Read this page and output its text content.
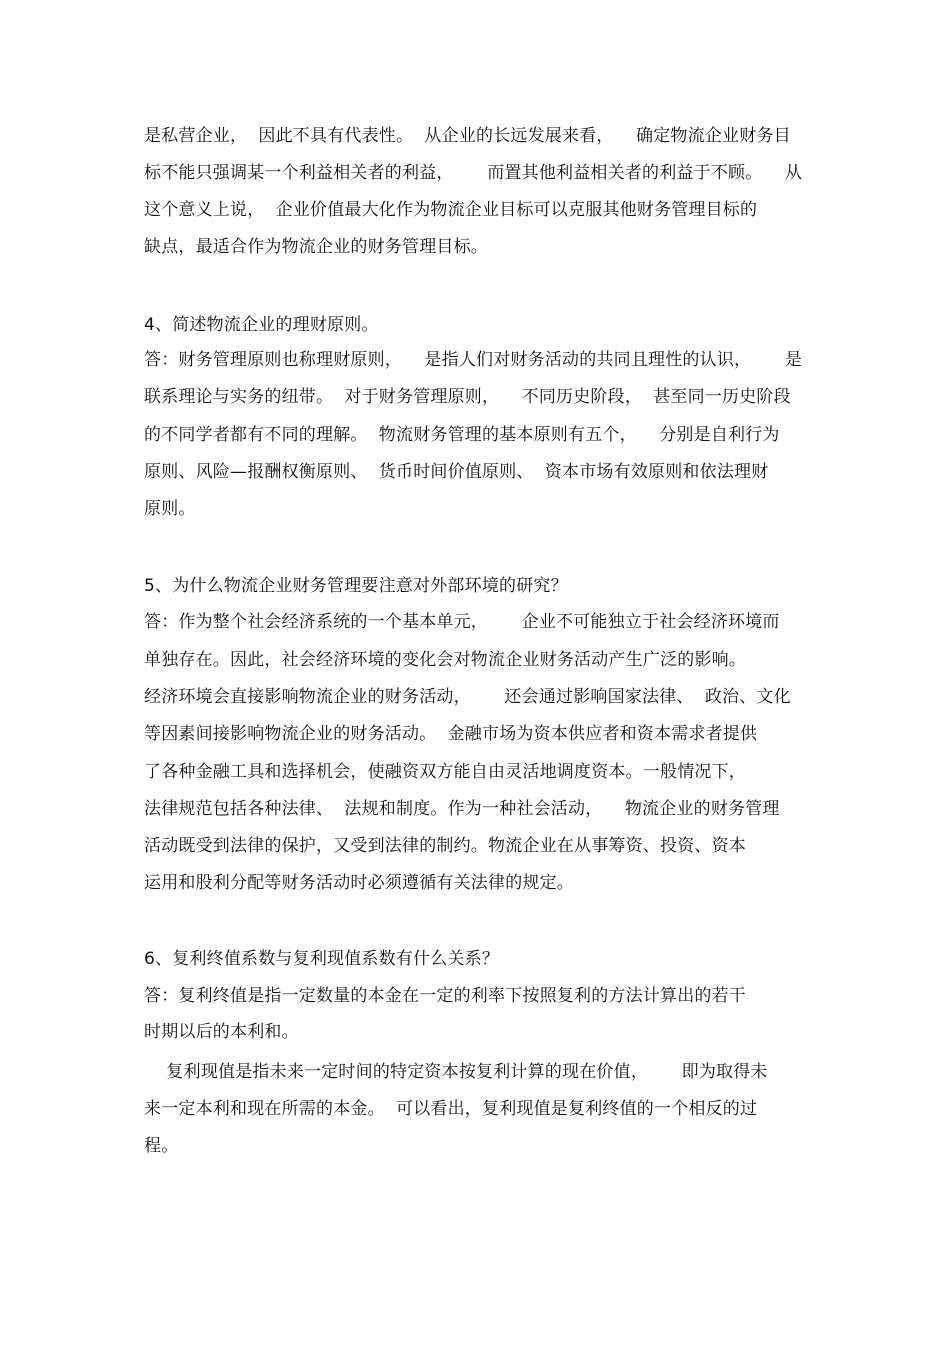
是私营企业，  因此不具有代表性。  从企业的长远发展来看，    确定物流企业财务目
标不能只强调某一个利益相关者的利益，      而置其他利益相关者的利益于不顾。    从
这个意义上说，  企业价值最大化作为物流企业目标可以克服其他财务管理目标的
缺点，最适合作为物流企业的财务管理目标。
4、简述物流企业的理财原则。
答：财务管理原则也称理财原则，    是指人们对财务活动的共同且理性的认识，      是
联系理论与实务的纽带。  对于财务管理原则，    不同历史阶段，  甚至同一历史阶段
的不同学者都有不同的理解。  物流财务管理的基本原则有五个，    分别是自利行为
原则、风险—报酬权衡原则、  货币时间价值原则、  资本市场有效原则和依法理财
原则。
5、为什么物流企业财务管理要注意对外部环境的研究？
答：作为整个社会经济系统的一个基本单元，      企业不可能独立于社会经济环境而
单独存在。因此，社会经济环境的变化会对物流企业财务活动产生广泛的影响。
经济环境会直接影响物流企业的财务活动，      还会通过影响国家法律、  政治、文化
等因素间接影响物流企业的财务活动。  金融市场为资本供应者和资本需求者提供
了各种金融工具和选择机会，使融资双方能自由灵活地调度资本。一般情况下，
法律规范包括各种法律、  法规和制度。作为一种社会活动，    物流企业的财务管理
活动既受到法律的保护，又受到法律的制约。物流企业在从事筹资、投资、资本
运用和股利分配等财务活动时必须遵循有关法律的规定。
6、复利终值系数与复利现值系数有什么关系？
答：复利终值是指一定数量的本金在一定的利率下按照复利的方法计算出的若干
时期以后的本利和。
复利现值是指未来一定时间的特定资本按复利计算的现在价值，      即为取得未
来一定本利和现在所需的本金。  可以看出，复利现值是复利终值的一个相反的过
程。
